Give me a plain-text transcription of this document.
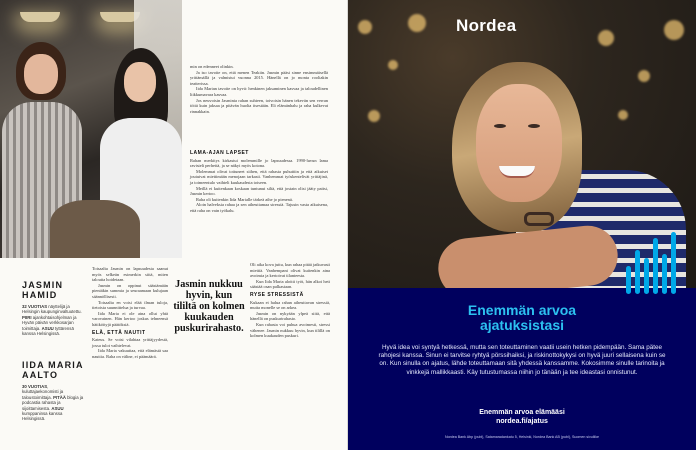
JASMIN HAMID

32 VUOTIAS näyttelijä ja Helsingin kaupunginvaltuutettu. PIIRI ajankohtaisohjelman ja Hyvän päivän verkkosarjan toimittaja. ASUU tyttärensä kanssa Helsingissä.

IIDA MARIA AALTO

30 VUOTIAS, kuluttajaekonomisti ja taloustoimittaja. PITÄÄ blogia ja podcastia rahasta ja sijoittamisesta. ASUU kumppaninsa kanssa Helsingissä.

min on edenneet olinkin.

Ja iso tavoite on, että menen Teakiin. Jasmin pääsi sinne ensimmäisellä yrittämällä ja valmistui vuonna 2015. Hänellä on jo monta rooliakin teatterissa.

Iida Marian tavoite on hyvä: henkinen jaksaminen kasvaa ja taloudellinen liikkumavara kasvaa.

Jos neuvoisin Jasminia rahan suhteen, toivoisin hänen tekevän sen verran töitä kuin jaksaa ja pitävän huolta itsestään. Eli elämänhalu ja raha kulkevat rinnakkain.

LAMA-AJAN LAPSET

Rahan merkitys kirkastui molemmille jo lapsuudessa. 1990-luvun lama ravisteli perheitä, ja se näkyi myös kotona.

Molemmat olivat tottuneet siihen, että rahasta puhuttiin ja että aikuiset joutuivat miettimään menojaan tarkasti. Vanhemmat työskentelivät yrittäjinä, ja toimeentulo vaihteli kuukaudesta toiseen.

Meillä ei kuitenkaan koskaan tuntunut siltä, että jostain olisi jääty paitsi, Jasmin kertoo.

Raha oli kuitenkin Iida Marialle tärkeä aihe jo pienenä.

Aloin halveksia rahaa ja sen aiheuttamaa stressiä. Tajusin vasta aikuisena, että raha on vain työkalu.

Toisaalta Jasmin on lapsuudesta saanut myös selkeän esimerkin siitä, miten taloutta hoidetaan.

Jasmin on oppinut säästämään pieniäkin summia ja seuraamaan kulujaan säännöllisesti.

Toisaalta en voisi elää ilman tuloja, tietoista suunnittelua ja turvaa.

Iida Maria ei ole aina ollut yhtä varovainen. Hän kertoo joskus tehneensä hätiköityjä päätöksiä.

ELÄ, ETTÄ NAUTIT

Kateus. Se voisi vilahtaa yrittäjyydestä, jossa tulot vaihtelevat.

Iida Maria vakuuttaa, että elämästä saa nauttia. Raha on väline, ei päämäärä.

Jasmin nukkuu hyvin, kun tililtä on kolmen kuukauden puskurirahasto.

Oli aika kova juttu, kun rahaa pitää jatkuvasti miettiä. Vanhempani olivat kuitenkin aina avoimia ja kertoivat tilanteesta.

Kun Iida Maria aloitti työt, hän alkoi heti säästää osan palkastaan.

RYSE STRESSISTÄ

Kukaan ei halua rahan aiheuttavan stressiä, mutta monelle se on arkea.

Jasmin on nykyään ylpeä siitä, että hänellä on puskurirahasto.

Kun rahasta voi puhua avoimesti, stressi vähenee. Jasmin nukkuu hyvin, kun tilillä on kolmen kuukauden puskuri.

Nordea
Enemmän arvoa
ajatuksistasi

Hyvä idea voi syntyä hetkessä, mutta sen toteuttaminen vaatii usein hetken pidempään. Sama pätee rahojesi kanssa. Sinun ei tarvitse ryhtyä pörssihaiksi, ja riskinottokykysi on hyvä juuri sellaisena kuin se on. Kun sinulla on ajatus, lähde toteuttamaan sitä yhdessä kanssamme. Kokosimme sinulle tarinoita ja vinkkejä mallikkaasti. Käy tutustumassa niihin jo tänään ja tee ideastasi onnistunut.

Enemmän arvoa elämääsi
nordea.fi/ajatus
Nordea Bank Abp (publ), Satamaradankatu 5, Helsinki, Nordea Bank AB (publ), Suomen sivuliike
